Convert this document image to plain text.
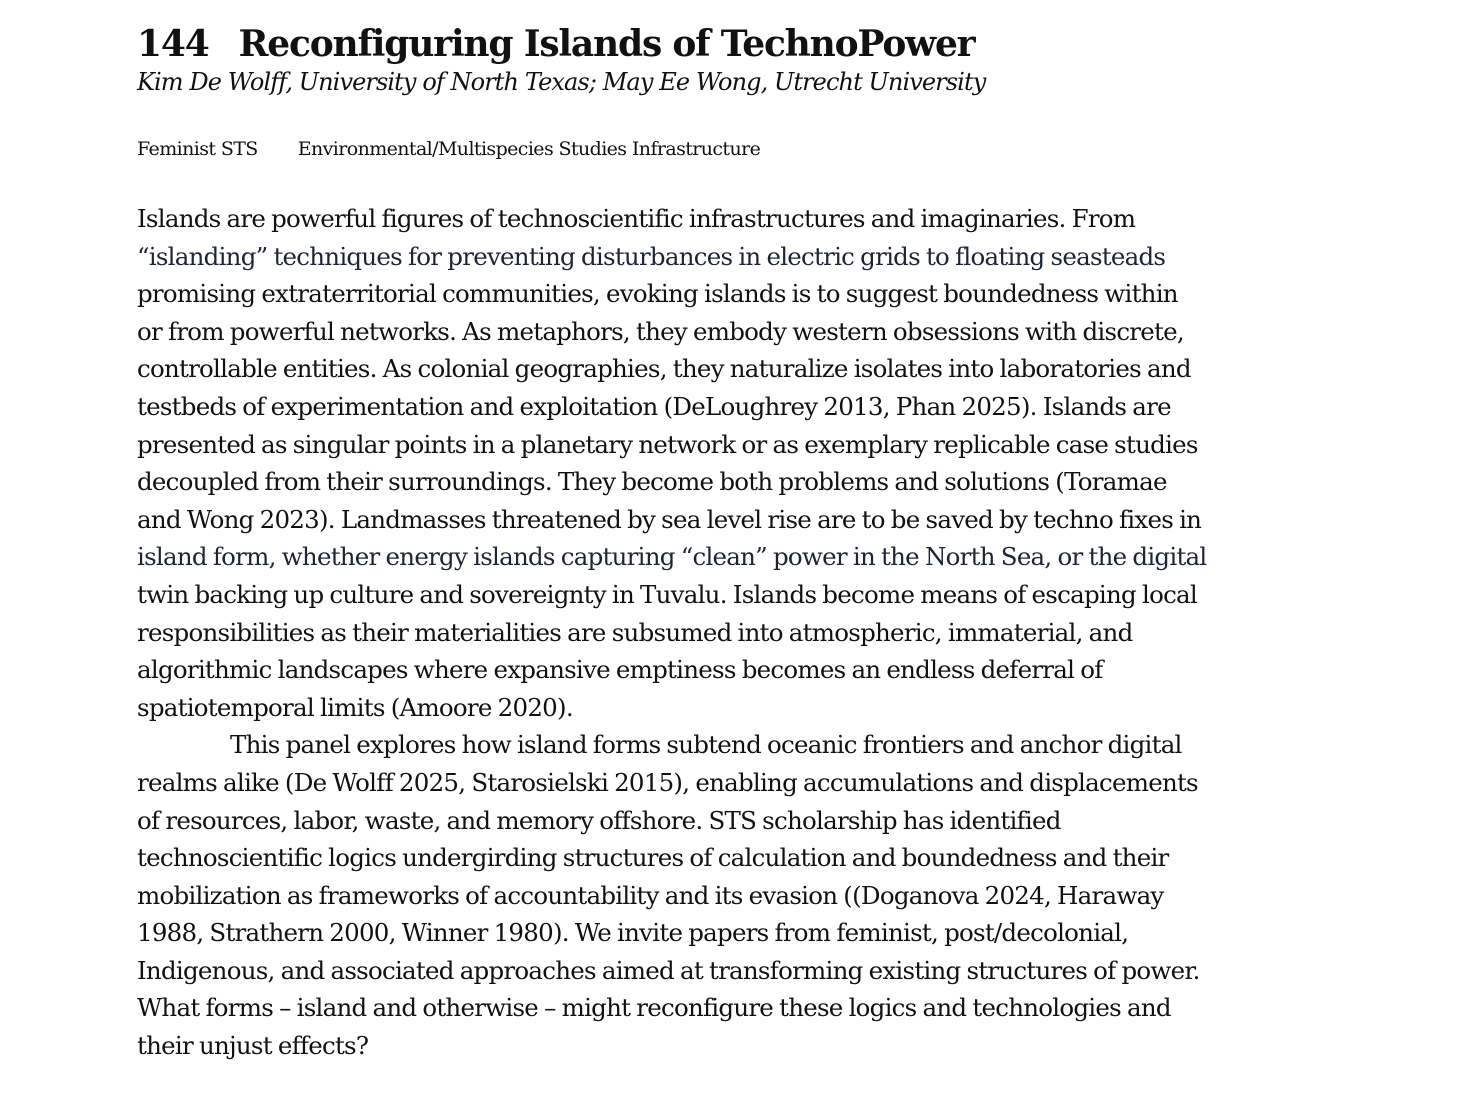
144 Reconfiguring Islands of TechnoPower
Kim De Wolff, University of North Texas; May Ee Wong, Utrecht University
Feminist STS Environmental/Multispecies Studies Infrastructure
Islands are powerful figures of technoscientific infrastructures and imaginaries. From
“islanding” techniques for preventing disturbances in electric grids to floating seasteads
promising extraterritorial communities, evoking islands is to suggest boundedness within
or from powerful networks. As metaphors, they embody western obsessions with discrete,
controllable entities. As colonial geographies, they naturalize isolates into laboratories and
testbeds of experimentation and exploitation (DeLoughrey 2013, Phan 2025). Islands are
presented as singular points in a planetary network or as exemplary replicable case studies
decoupled from their surroundings. They become both problems and solutions (Toramae
and Wong 2023). Landmasses threatened by sea level rise are to be saved by techno fixes in
island form, whether energy islands capturing “clean” power in the North Sea, or the digital
twin backing up culture and sovereignty in Tuvalu. Islands become means of escaping local
responsibilities as their materialities are subsumed into atmospheric, immaterial, and
algorithmic landscapes where expansive emptiness becomes an endless deferral of
spatiotemporal limits (Amoore 2020).
This panel explores how island forms subtend oceanic frontiers and anchor digital
realms alike (De Wolff 2025, Starosielski 2015), enabling accumulations and displacements
of resources, labor, waste, and memory offshore. STS scholarship has identified
technoscientific logics undergirding structures of calculation and boundedness and their
mobilization as frameworks of accountability and its evasion ((Doganova 2024, Haraway
1988, Strathern 2000, Winner 1980). We invite papers from feminist, post/decolonial,
Indigenous, and associated approaches aimed at transforming existing structures of power.
What forms – island and otherwise – might reconfigure these logics and technologies and
their unjust effects?
